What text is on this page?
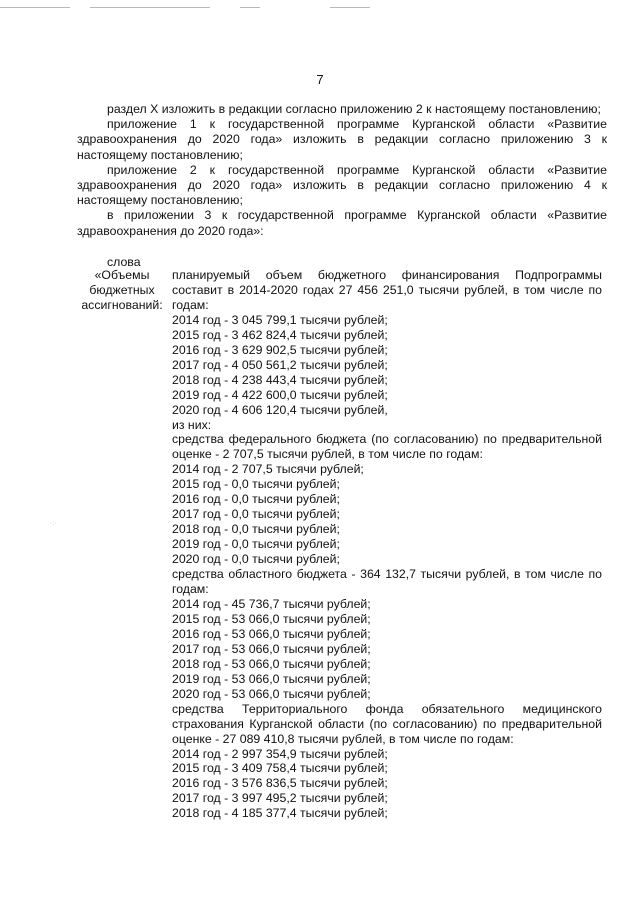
7

раздел X изложить в редакции согласно приложению 2 к настоящему постановлению;

приложение 1 к государственной программе Курганской области «Развитие здравоохранения до 2020 года» изложить в редакции согласно приложению 3 к настоящему постановлению;

приложение 2 к государственной программе Курганской области «Развитие здравоохранения до 2020 года» изложить в редакции согласно приложению 4 к настоящему постановлению;

в приложении 3 к государственной программе Курганской области «Развитие здравоохранения до 2020 года»:

слова
«Объемы
бюджетных
ассигнований:
планируемый объем бюджетного финансирования Подпрограммы составит в 2014-2020 годах 27 456 251,0 тысячи рублей, в том числе по годам:
2014 год - 3 045 799,1 тысячи рублей;
2015 год - 3 462 824,4 тысячи рублей;
2016 год - 3 629 902,5 тысячи рублей;
2017 год - 4 050 561,2 тысячи рублей;
2018 год - 4 238 443,4 тысячи рублей;
2019 год - 4 422 600,0 тысячи рублей;
2020 год - 4 606 120,4 тысячи рублей,
из них:
средства федерального бюджета (по согласованию) по предварительной оценке - 2 707,5 тысячи рублей, в том числе по годам:
2014 год - 2 707,5 тысячи рублей;
2015 год - 0,0 тысячи рублей;
2016 год - 0,0 тысячи рублей;
2017 год - 0,0 тысячи рублей;
2018 год - 0,0 тысячи рублей;
2019 год - 0,0 тысячи рублей;
2020 год - 0,0 тысячи рублей;
средства областного бюджета - 364 132,7 тысячи рублей, в том числе по годам:
2014 год - 45 736,7 тысячи рублей;
2015 год - 53 066,0 тысячи рублей;
2016 год - 53 066,0 тысячи рублей;
2017 год - 53 066,0 тысячи рублей;
2018 год - 53 066,0 тысячи рублей;
2019 год - 53 066,0 тысячи рублей;
2020 год - 53 066,0 тысячи рублей;
средства Территориального фонда обязательного медицинского страхования Курганской области (по согласованию) по предварительной оценке - 27 089 410,8 тысячи рублей, в том числе по годам:
2014 год - 2 997 354,9 тысячи рублей;
2015 год - 3 409 758,4 тысячи рублей;
2016 год - 3 576 836,5 тысячи рублей;
2017 год - 3 997 495,2 тысячи рублей;
2018 год - 4 185 377,4 тысячи рублей;
·:·
